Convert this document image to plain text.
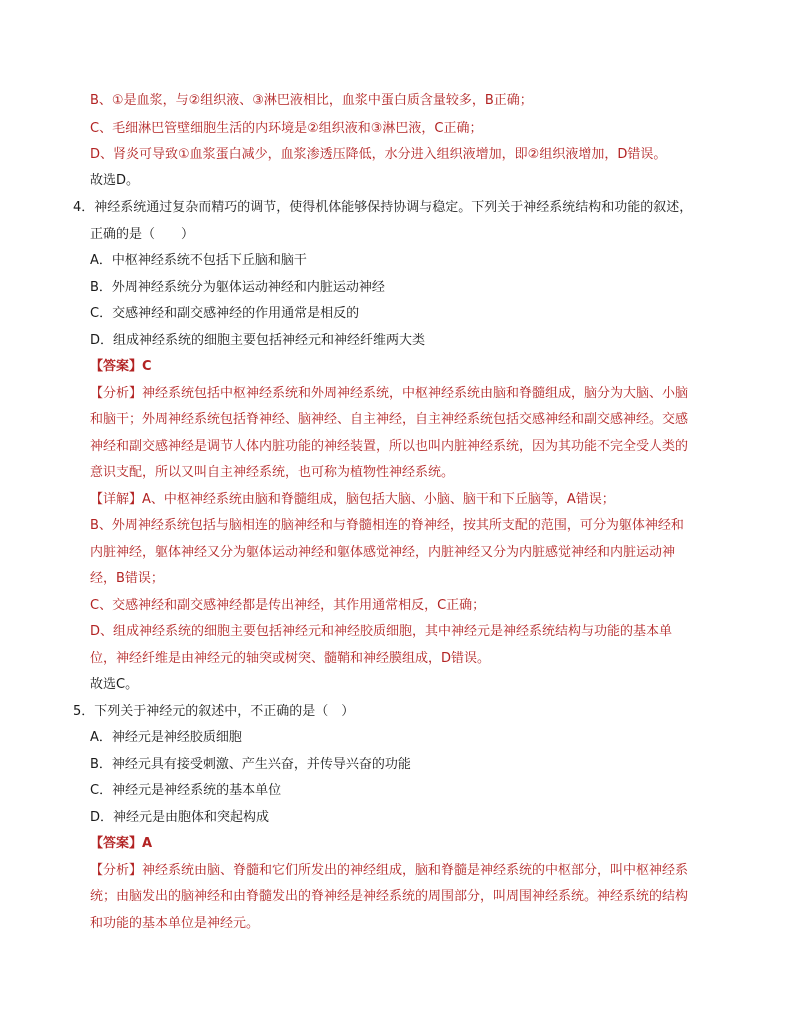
B、①是血浆，与②组织液、③淋巴液相比，血浆中蛋白质含量较多，B正确；
C、毛细淋巴管壁细胞生活的内环境是②组织液和③淋巴液，C正确；
D、肾炎可导致①血浆蛋白减少，血浆渗透压降低，水分进入组织液增加，即②组织液增加，D错误。
故选D。
4．神经系统通过复杂而精巧的调节，使得机体能够保持协调与稳定。下列关于神经系统结构和功能的叙述，
正确的是（　　）
A．中枢神经系统不包括下丘脑和脑干
B．外周神经系统分为躯体运动神经和内脏运动神经
C．交感神经和副交感神经的作用通常是相反的
D．组成神经系统的细胞主要包括神经元和神经纤维两大类
【答案】C
【分析】神经系统包括中枢神经系统和外周神经系统，中枢神经系统由脑和脊髓组成，脑分为大脑、小脑
和脑干；外周神经系统包括脊神经、脑神经、自主神经，自主神经系统包括交感神经和副交感神经。交感
神经和副交感神经是调节人体内脏功能的神经装置，所以也叫内脏神经系统，因为其功能不完全受人类的
意识支配，所以又叫自主神经系统，也可称为植物性神经系统。
【详解】A、中枢神经系统由脑和脊髓组成，脑包括大脑、小脑、脑干和下丘脑等，A错误；
B、外周神经系统包括与脑相连的脑神经和与脊髓相连的脊神经，按其所支配的范围，可分为躯体神经和
内脏神经，躯体神经又分为躯体运动神经和躯体感觉神经，内脏神经又分为内脏感觉神经和内脏运动神
经，B错误；
C、交感神经和副交感神经都是传出神经，其作用通常相反，C正确；
D、组成神经系统的细胞主要包括神经元和神经胶质细胞，其中神经元是神经系统结构与功能的基本单
位，神经纤维是由神经元的轴突或树突、髓鞘和神经膜组成，D错误。
故选C。
5．下列关于神经元的叙述中，不正确的是（　）
A．神经元是神经胶质细胞
B．神经元具有接受刺激、产生兴奋，并传导兴奋的功能
C．神经元是神经系统的基本单位
D．神经元是由胞体和突起构成
【答案】A
【分析】神经系统由脑、脊髓和它们所发出的神经组成，脑和脊髓是神经系统的中枢部分，叫中枢神经系
统；由脑发出的脑神经和由脊髓发出的脊神经是神经系统的周围部分，叫周围神经系统。神经系统的结构
和功能的基本单位是神经元。
